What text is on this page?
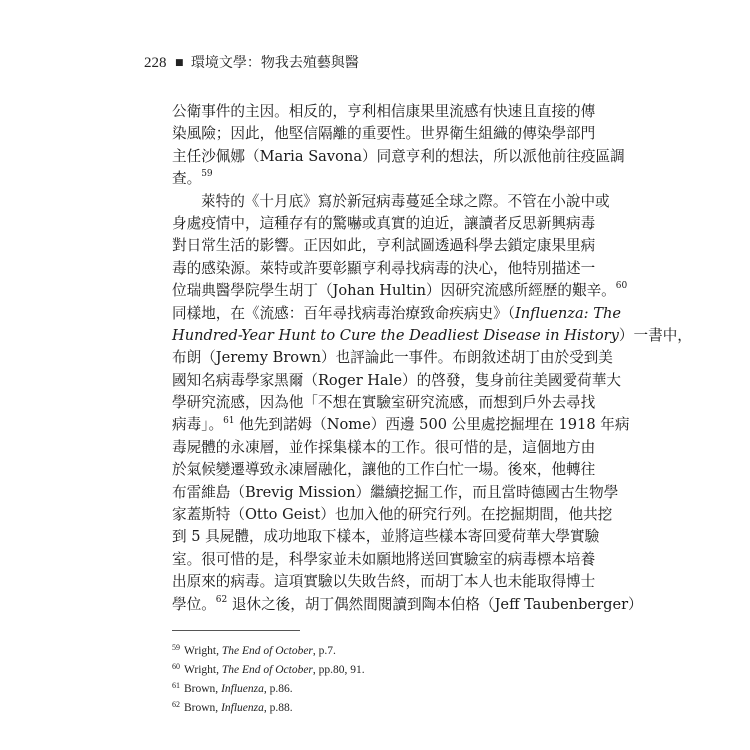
228 ■ 環境文學：物我去殖藝與醫
公衛事件的主因。相反的，亨利相信康果里流感有快速且直接的傳
染風險；因此，他堅信隔離的重要性。世界衛生組織的傳染學部門
主任沙佩娜（Maria Savona）同意亨利的想法，所以派他前往疫區調
查。$^{59}$
萊特的《十月底》寫於新冠病毒蔓延全球之際。不管在小說中或
身處疫情中，這種存有的驚嚇或真實的迫近，讓讀者反思新興病毒
對日常生活的影響。正因如此，亨利試圖透過科學去鎖定康果里病
毒的感染源。萊特或許要彰顯亨利尋找病毒的決心，他特別描述一
位瑞典醫學院學生胡丁（Johan Hultin）因研究流感所經歷的艱辛。$^{60}$
同樣地，在《流感：百年尋找病毒治療致命疾病史》（Influenza: The
Hundred-Year Hunt to Cure the Deadliest Disease in History）一書中，
布朗（Jeremy Brown）也評論此一事件。布朗敘述胡丁由於受到美
國知名病毒學家黑爾（Roger Hale）的啓發，隻身前往美國愛荷華大
學研究流感，因為他「不想在實驗室研究流感，而想到戶外去尋找
病毒」。$^{61}$ 他先到諾姆（Nome）西邊 500 公里處挖掘埋在 1918 年病
毒屍體的永凍層，並作採集樣本的工作。很可惜的是，這個地方由
於氣候變遷導致永凍層融化，讓他的工作白忙一場。後來，他轉往
布雷維島（Brevig Mission）繼續挖掘工作，而且當時德國古生物學
家蓋斯特（Otto Geist）也加入他的研究行列。在挖掘期間，他共挖
到 5 具屍體，成功地取下樣本，並將這些樣本寄回愛荷華大學實驗
室。很可惜的是，科學家並未如願地將送回實驗室的病毒標本培養
出原來的病毒。這項實驗以失敗告終，而胡丁本人也未能取得博士
學位。$^{62}$ 退休之後，胡丁偶然間閱讀到陶本伯格（Jeff Taubenberger）
$^{59}$ Wright, The End of October, p.7.
$^{60}$ Wright, The End of October, pp.80, 91.
$^{61}$ Brown, Influenza, p.86.
$^{62}$ Brown, Influenza, p.88.
